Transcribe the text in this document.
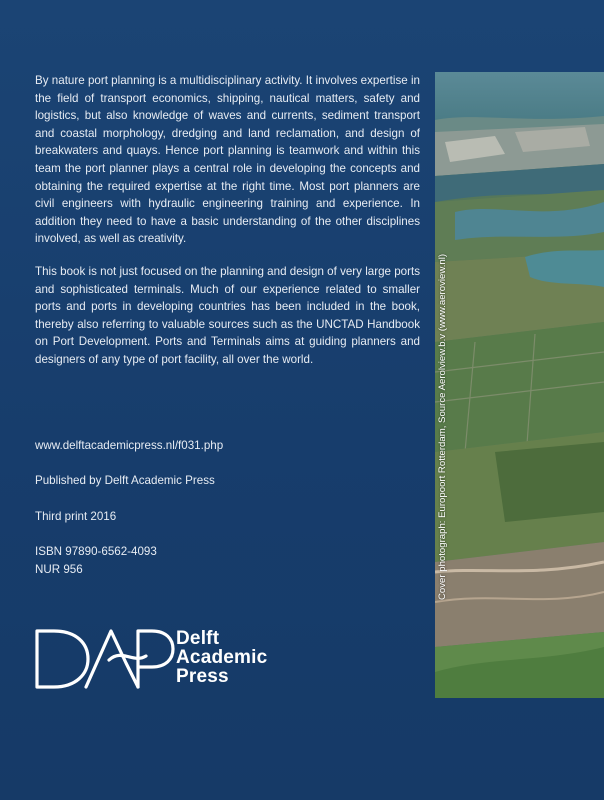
By nature port planning is a multidisciplinary activity. It involves expertise in the field of transport economics, shipping, nautical matters, safety and logistics, but also knowledge of waves and currents, sediment transport and coastal morphology, dredging and land reclamation, and design of breakwaters and quays. Hence port planning is teamwork and within this team the port planner plays a central role in developing the concepts and obtaining the required expertise at the right time. Most port planners are civil engineers with hydraulic engineering training and experience. In addition they need to have a basic understanding of the other disciplines involved, as well as creativity.

This book is not just focused on the planning and design of very large ports and sophisticated terminals. Much of our experience related to smaller ports and ports in developing countries has been included in the book, thereby also referring to valuable sources such as the UNCTAD Handbook on Port Development. Ports and Terminals aims at guiding planners and designers of any type of port facility, all over the world.

www.delftacademicpress.nl/f031.php
Published by Delft Academic Press
Third print 2016
ISBN 97890-6562-4093
NUR 956
Delft
Academic
Press
Cover photograph: Europoort Rotterdam, Source Aerolview.b.v (www.aeroview.nl)
